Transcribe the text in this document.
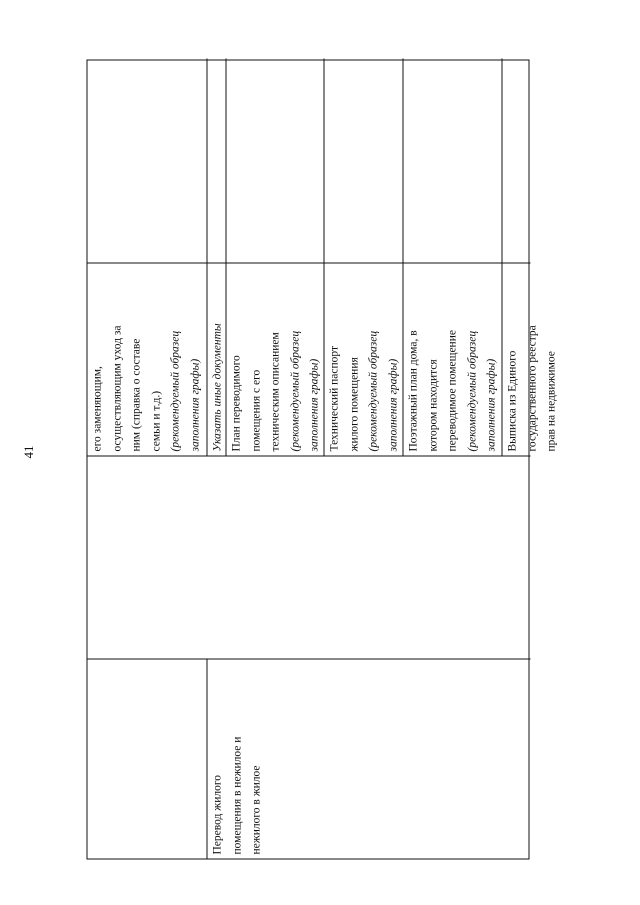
41
Перевод жилого помещения в нежилое и нежилого в жилое
его заменяющим, осуществляющим уход за ним (справка о составе семьи и т.д.) (рекомендуемый образец заполнения графы) Указать иные документы План переводимого помещения с его техническим описанием (рекомендуемый образец заполнения графы) Технический паспорт жилого помещения (рекомендуемый образец заполнения графы) Поэтажный план дома, в котором находится переводимое помещение (рекомендуемый образец заполнения графы) Выписка из Единого государственного реестра прав на недвижимое
